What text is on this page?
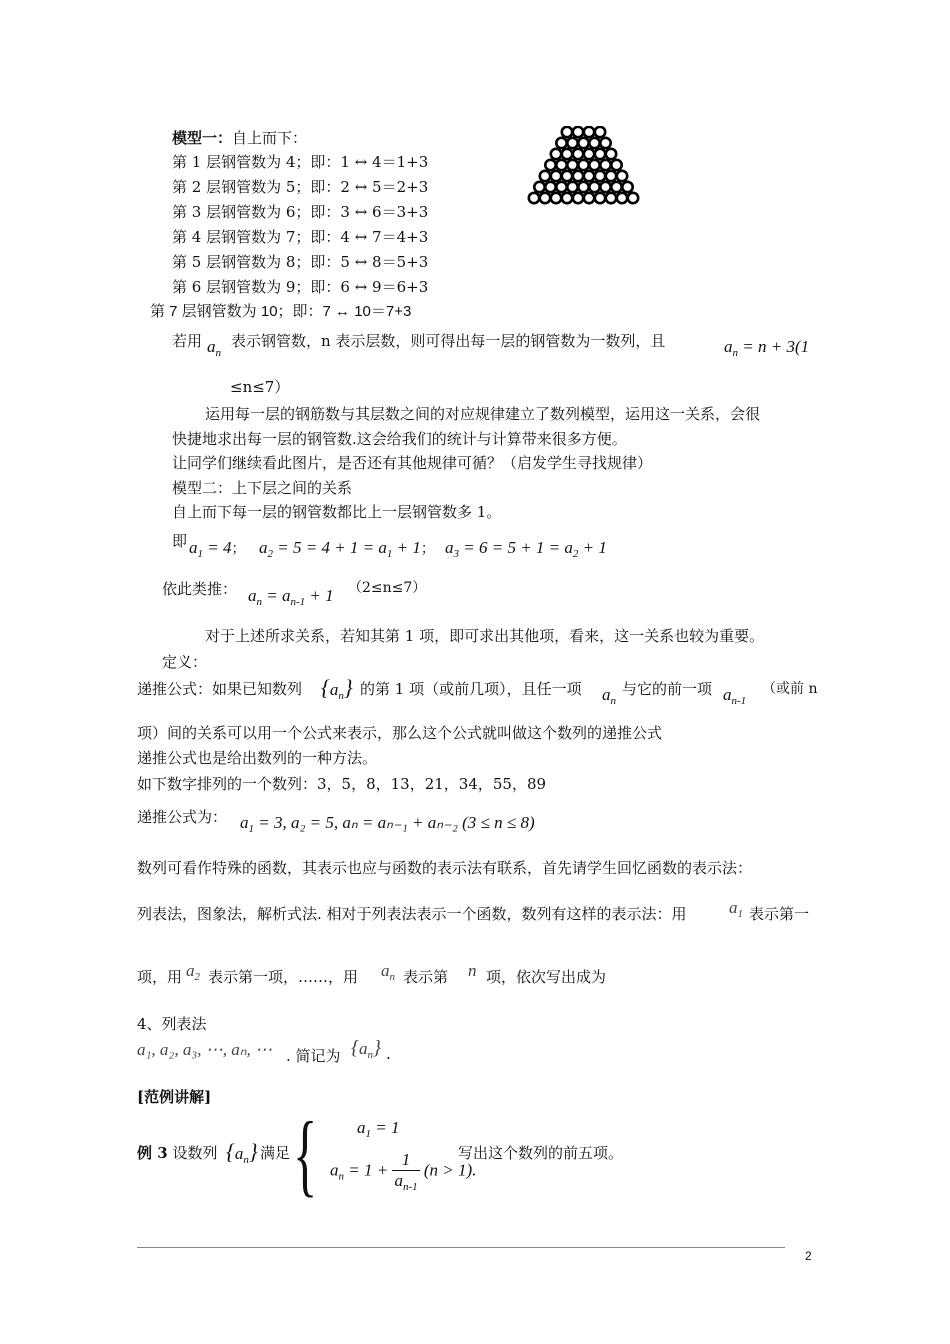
模型一：自上而下：
第 1 层钢管数为 4；即：1 ↔ 4＝1+3
第 2 层钢管数为 5；即：2 ↔ 5＝2+3
第 3 层钢管数为 6；即：3 ↔ 6＝3+3
第 4 层钢管数为 7；即：4 ↔ 7＝4+3
第 5 层钢管数为 8；即：5 ↔ 8＝5+3
第 6 层钢管数为 9；即：6 ↔ 9＝6+3
第 7 层钢管数为 10；即：7 ↔ 10＝7+3
若用 $a_n$
表示钢管数，n 表示层数，则可得出每一层的钢管数为一数列，且	$a_n = n + 3(1$
≤n≤7）
运用每一层的钢筋数与其层数之间的对应规律建立了数列模型，运用这一关系，会很
快捷地求出每一层的钢管数.这会给我们的统计与计算带来很多方便。
让同学们继续看此图片，是否还有其他规律可循？（启发学生寻找规律）
模型二：上下层之间的关系
自上而下每一层的钢管数都比上一层钢管数多 1。
即 $a_1 = 4$； $a_2 = 5 = 4 + 1 = a_1 + 1$； $a_3 = 6 = 5 + 1 = a_2 + 1$
依此类推： $a_n = a_{n-1} + 1$ （2≤n≤7）
对于上述所求关系，若知其第 1 项，即可求出其他项，看来，这一关系也较为重要。
定义：
递推公式：如果已知数列 $\{a_n\}$ 的第 1 项（或前几项），且任一项 $a_n$
与它的前一项 $a_{n-1}$
（或前 n
项）间的关系可以用一个公式来表示，那么这个公式就叫做这个数列的递推公式
递推公式也是给出数列的一种方法。
如下数字排列的一个数列：3，5，8，13，21，34，55，89
递推公式为： $a_1 = 3$, a₂ = 5, aₙ = aₙ₋₁ + aₙ₋₂ (3 ≤ n ≤ 8)
数列可看作特殊的函数，其表示也应与函数的表示法有联系，首先请学生回忆函数的表示法：
列表法，图象法，解析式法. 相对于列表法表示一个函数，数列有这样的表示法：用 $a_1$ 表示第一
项，用 $a_2$ 表示第一项，……，用 $a_n$ 表示第 n 项，依次写出成为
4、列表法
a₁, a₂, a₃, ⋯, aₙ, ⋯ . 简记为 $\{a_n\}$ .
[范例讲解]
例 3 设数列 $\{a_n\}$ 满足 { $a_1 = 1$
$a_n = 1 + \frac{1}{a_{n-1}} (n > 1)$.
写出这个数列的前五项。
2
